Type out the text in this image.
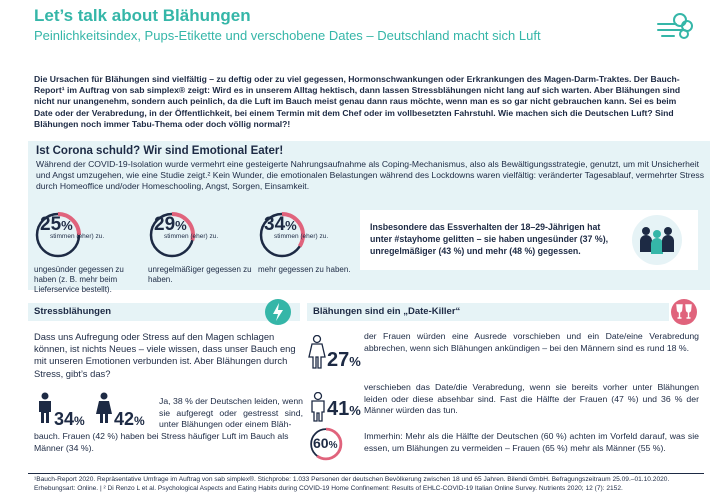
Let’s talk about Blähungen
Peinlichkeitsindex, Pups-Etikette und verschobene Dates – Deutschland macht sich Luft
Die Ursachen für Blähungen sind vielfältig – zu deftig oder zu viel gegessen, Hormonschwankungen oder Erkrankungen des Magen-Darm-Traktes. Der Bauch-Report¹ im Auftrag von sab simplex® zeigt: Wird es in unserem Alltag hektisch, dann lassen Stressblähungen nicht lang auf sich warten. Aber Blähungen sind nicht nur unangenehm, sondern auch peinlich, da die Luft im Bauch meist genau dann raus möchte, wenn man es so gar nicht gebrauchen kann. Sei es beim Date oder der Verabredung, in der Öffentlichkeit, bei einem Termin mit dem Chef oder im vollbesetzten Fahrstuhl. Wie machen sich die Deutschen Luft? Sind Blähungen noch immer Tabu-Thema oder doch völlig normal?!
Ist Corona schuld? Wir sind Emotional Eater!
Während der COVID-19-Isolation wurde vermehrt eine gesteigerte Nahrungsaufnahme als Coping-Mechanismus, also als Bewältigungsstrategie, genutzt, um mit Unsicherheit und Angst umzugehen, wie eine Studie zeigt.² Kein Wunder, die emotionalen Belastungen während des Lockdowns waren vielfältig: veränderter Tagesablauf, vermehrter Stress durch Homeoffice und/oder Homeschooling, Angst, Sorgen, Einsamkeit.
25%
stimmen (eher) zu.
ungesünder gegessen zu haben (z. B. mehr beim Lieferservice bestellt).
29%
stimmen (eher) zu.
unregelmäßiger gegessen zu haben.
34%
stimmen (eher) zu.
mehr gegessen zu haben.
Insbesondere das Essverhalten der 18–29-Jährigen hat unter #stayhome gelitten – sie haben ungesünder (37 %), unregelmäßiger (43 %) und mehr (48 %) gegessen.
Stressblähungen
Dass uns Aufregung oder Stress auf den Magen schlagen können, ist nichts Neues – viele wissen, dass unser Bauch eng mit unseren Emotionen verbunden ist. Aber Blähungen durch Stress, gibt’s das?
34% 42%
Ja, 38 % der Deutschen leiden, wenn sie aufgeregt oder gestresst sind, unter Blähungen oder einem Bläh-
bauch. Frauen (42 %) haben bei Stress häufiger Luft im Bauch als Männer (34 %).
Blähungen sind ein „Date-Killer“
27%
der Frauen würden eine Ausrede vorschieben und ein Date/eine Verabredung abbrechen, wenn sich Blähungen ankündigen – bei den Männern sind es rund 18 %.
41%
verschieben das Date/die Verabredung, wenn sie bereits vorher unter Blähungen leiden oder diese absehbar sind. Fast die Hälfte der Frauen (47 %) und 36 % der Männer würden das tun.
60%
Immerhin: Mehr als die Hälfte der Deutschen (60 %) achten im Vorfeld darauf, was sie essen, um Blähungen zu vermeiden – Frauen (65 %) mehr als Männer (55 %).
¹Bauch-Report 2020. Repräsentative Umfrage im Auftrag von sab simplex®. Stichprobe: 1.033 Personen der deutschen Bevölkerung zwischen 18 und 65 Jahren. Bilendi GmbH. Befragungszeitraum 25.09.–01.10.2020. Erhebungsart: Online. | ² Di Renzo L et al. Psychological Aspects and Eating Habits during COVID-19 Home Confinement: Results of EHLC-COVID-19 Italian Online Survey. Nutrients 2020; 12 (7): 2152.
